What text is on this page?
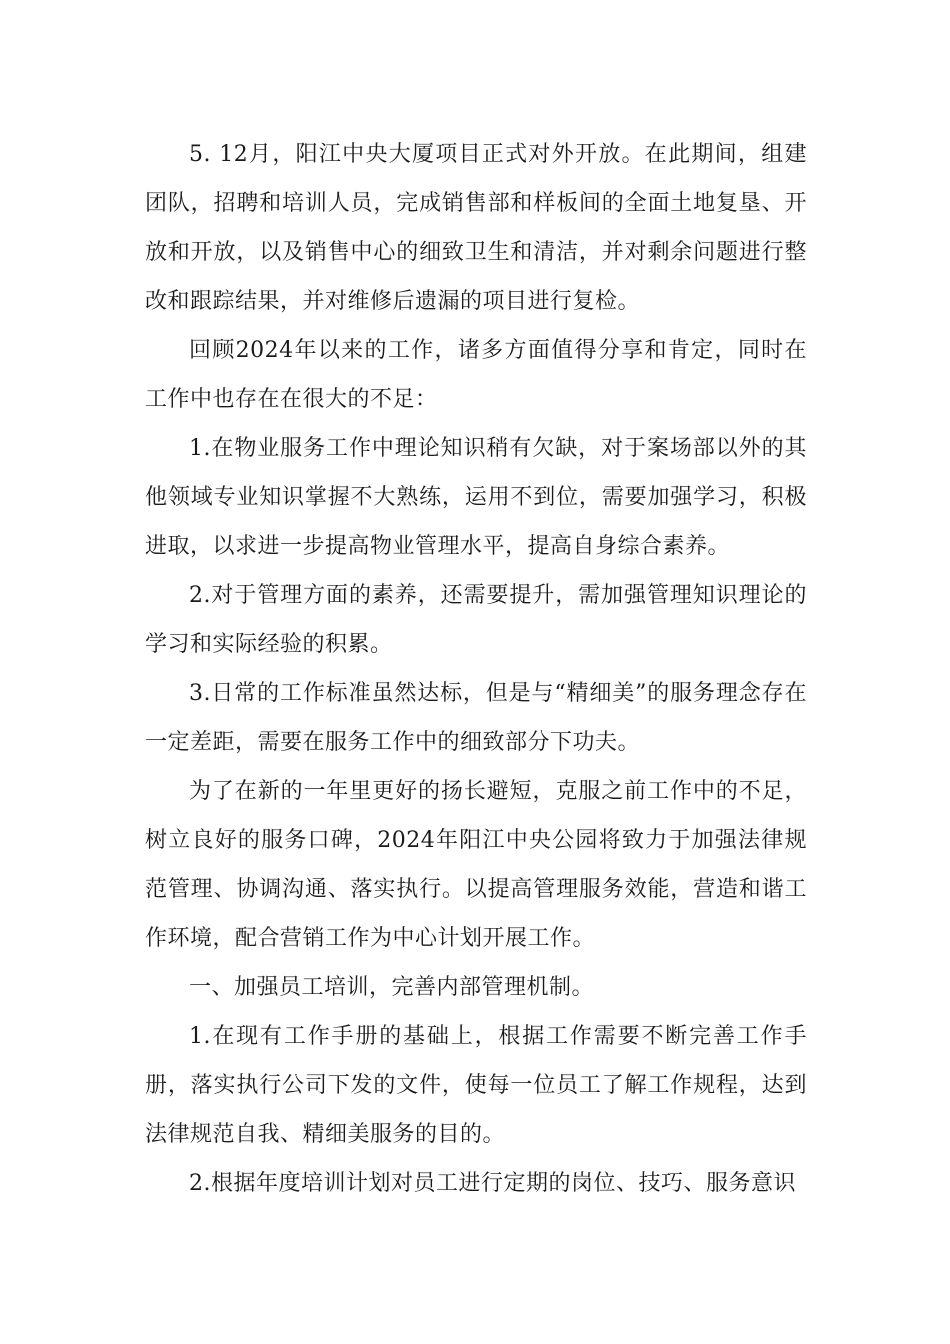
5. 12月，阳江中央大厦项目正式对外开放。在此期间，组建团队，招聘和培训人员，完成销售部和样板间的全面土地复垦、开放和开放，以及销售中心的细致卫生和清洁，并对剩余问题进行整改和跟踪结果，并对维修后遗漏的项目进行复检。

回顾2024年以来的工作，诸多方面值得分享和肯定，同时在工作中也存在在很大的不足：

1.在物业服务工作中理论知识稍有欠缺，对于案场部以外的其他领域专业知识掌握不大熟练，运用不到位，需要加强学习，积极进取，以求进一步提高物业管理水平，提高自身综合素养。

2.对于管理方面的素养，还需要提升，需加强管理知识理论的学习和实际经验的积累。

3.日常的工作标准虽然达标，但是与“精细美”的服务理念存在一定差距，需要在服务工作中的细致部分下功夫。

为了在新的一年里更好的扬长避短，克服之前工作中的不足，树立良好的服务口碑，2024年阳江中央公园将致力于加强法律规范管理、协调沟通、落实执行。以提高管理服务效能，营造和谐工作环境，配合营销工作为中心计划开展工作。

一、加强员工培训，完善内部管理机制。

1.在现有工作手册的基础上，根据工作需要不断完善工作手册，落实执行公司下发的文件，使每一位员工了解工作规程，达到法律规范自我、精细美服务的目的。

2.根据年度培训计划对员工进行定期的岗位、技巧、服务意识
